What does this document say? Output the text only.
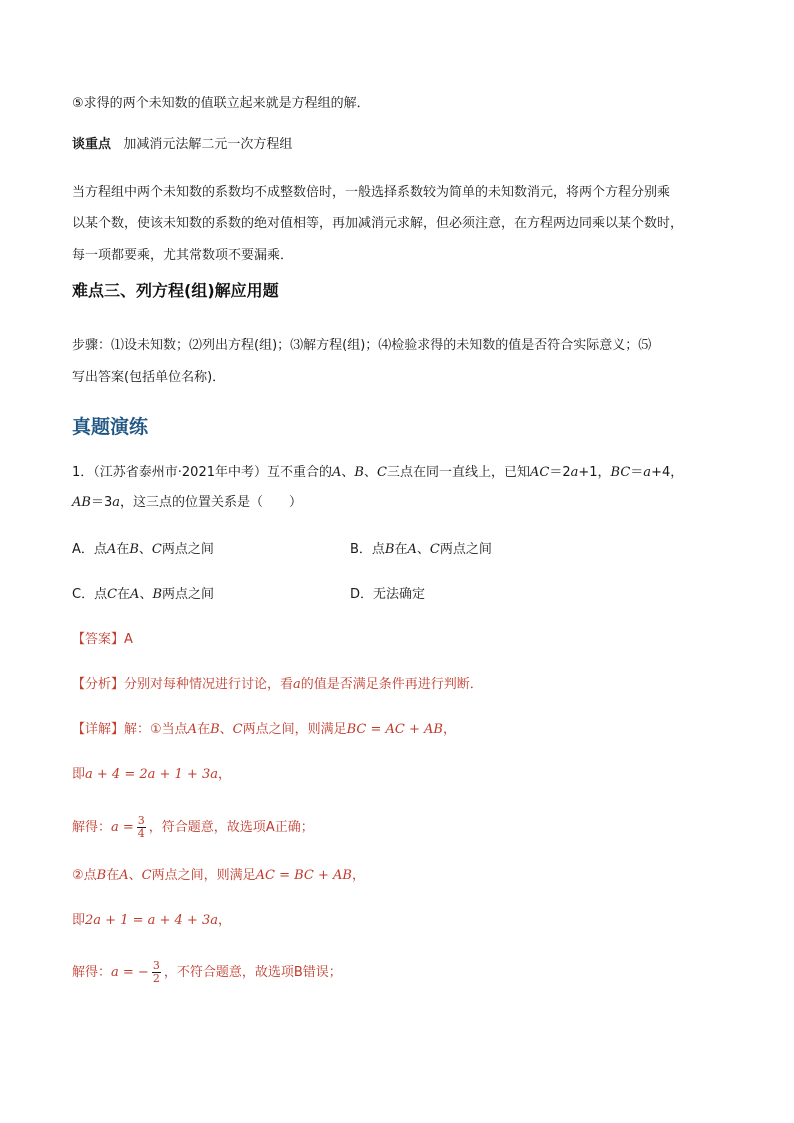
⑤求得的两个未知数的值联立起来就是方程组的解．
谈重点 加减消元法解二元一次方程组
当方程组中两个未知数的系数均不成整数倍时，一般选择系数较为简单的未知数消元，将两个方程分别乘
以某个数，使该未知数的系数的绝对值相等，再加减消元求解，但必须注意，在方程两边同乘以某个数时，
每一项都要乘，尤其常数项不要漏乘．
难点三、列方程(组)解应用题
步骤：⑴设未知数；⑵列出方程(组)；⑶解方程(组)；⑷检验求得的未知数的值是否符合实际意义；⑸
写出答案(包括单位名称)．
真题演练
1．（江苏省泰州市·2021年中考）互不重合的A、B、C三点在同一直线上，已知AC＝2a+1，BC＝a+4，
AB＝3a，这三点的位置关系是（　　）
A．点A在B、C两点之间	B．点B在A、C两点之间
C．点C在A、B两点之间	D．无法确定
【答案】A
【分析】分别对每种情况进行讨论，看a的值是否满足条件再进行判断．
【详解】解：①当点A在B、C两点之间，则满足BC = AC + AB，
即a + 4 = 2a + 1 + 3a，
解得：$a = \frac{3}{4}$ ，符合题意，故选项A正确；
②点B在A、C两点之间，则满足AC = BC + AB，
即2a + 1 = a + 4 + 3a，
解得：a = − $\frac{3}{2}$ ，不符合题意，故选项B错误；
